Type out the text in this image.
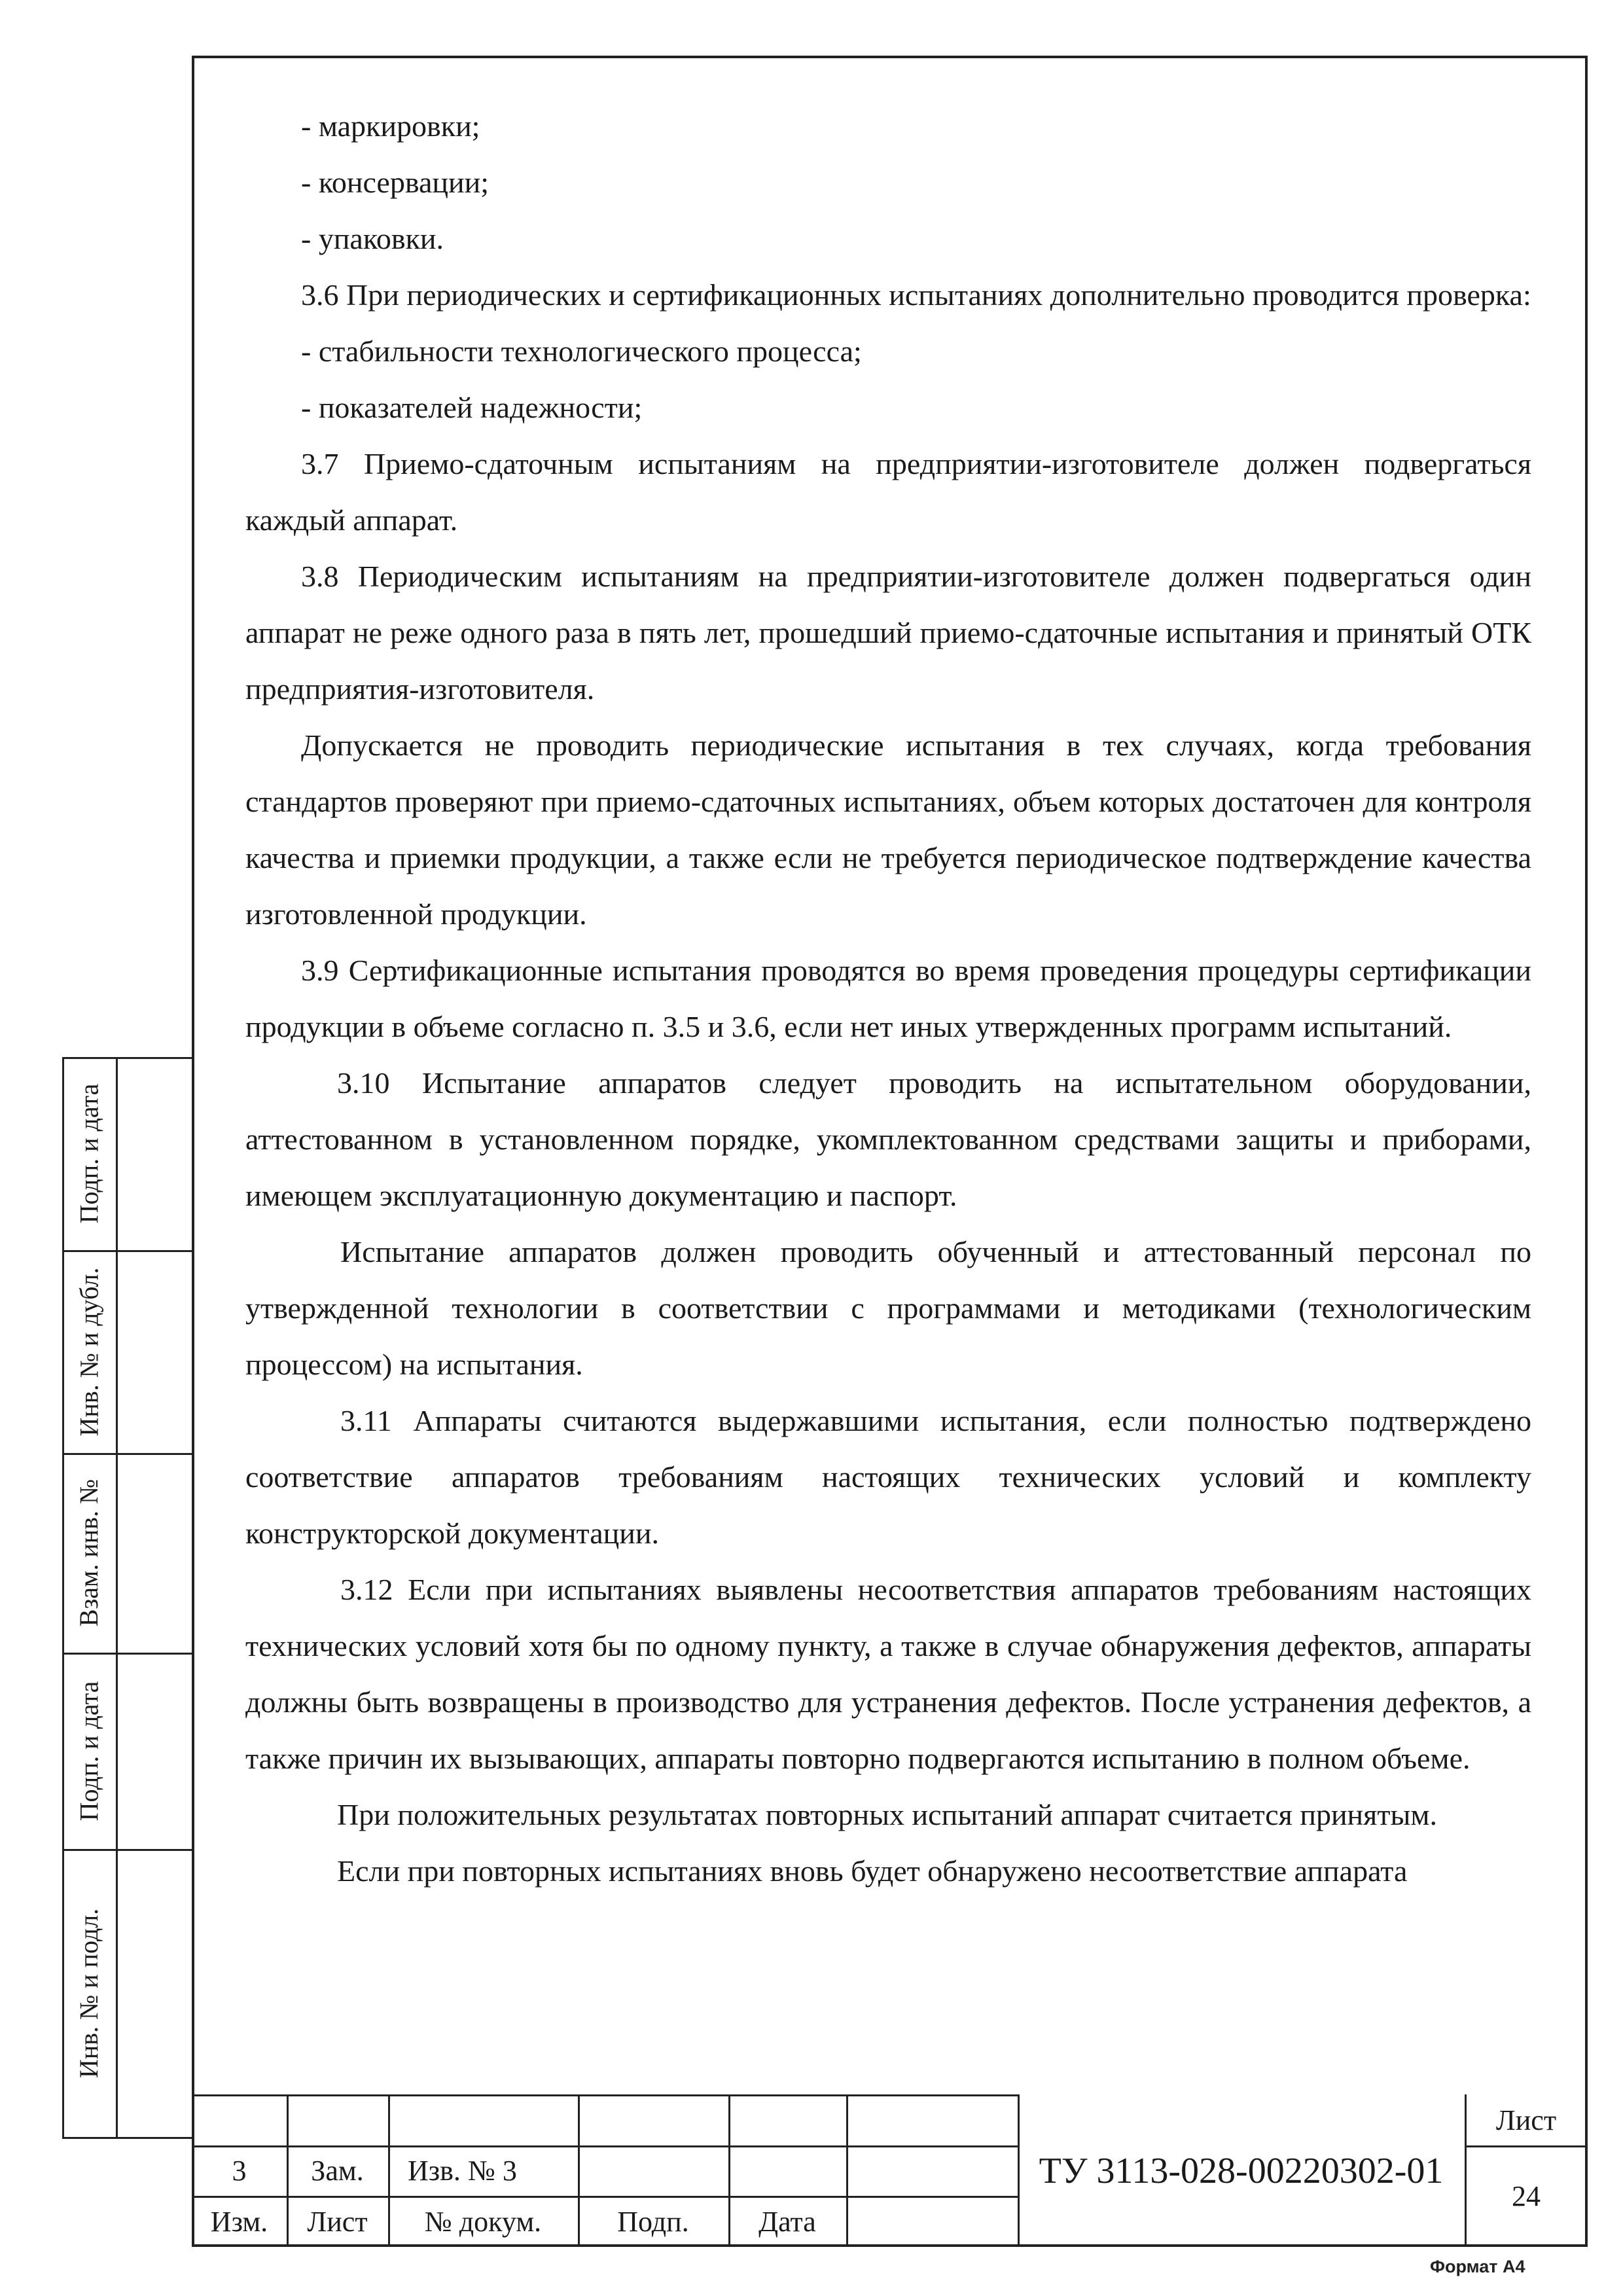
- маркировки;

- консервации;

- упаковки.

3.6 При периодических и сертификационных испытаниях дополнительно проводится проверка:

- стабильности технологического процесса;

- показателей надежности;

3.7 Приемо-сдаточным испытаниям на предприятии-изготовителе должен подвергаться каждый аппарат.

3.8 Периодическим испытаниям на предприятии-изготовителе должен подвергаться один аппарат не реже одного раза в пять лет, прошедший приемо-сдаточные испытания и принятый ОТК предприятия-изготовителя.

Допускается не проводить периодические испытания в тех случаях, когда требования стандартов проверяют при приемо-сдаточных испытаниях, объем которых достаточен для контроля качества и приемки продукции, а также если не требуется периодическое подтверждение качества изготовленной продукции.

3.9 Сертификационные испытания проводятся во время проведения процедуры сертификации продукции в объеме согласно п. 3.5 и 3.6, если нет иных утвержденных программ испытаний.

3.10 Испытание аппаратов следует проводить на испытательном оборудовании, аттестованном в установленном порядке, укомплектованном средствами защиты и приборами, имеющем эксплуатационную документацию и паспорт.

Испытание аппаратов должен проводить обученный и аттестованный персонал по утвержденной технологии в соответствии с программами и методиками (технологическим процессом) на испытания.

3.11 Аппараты считаются выдержавшими испытания, если полностью подтверждено соответствие аппаратов требованиям настоящих технических условий и комплекту конструкторской документации.

3.12 Если при испытаниях выявлены несоответствия аппаратов требованиям настоящих технических условий хотя бы по одному пункту, а также в случае обнаружения дефектов, аппараты должны быть возвращены в производство для устранения дефектов. После устранения дефектов, а также причин их вызывающих, аппараты повторно подвергаются испытанию в полном объеме.

При положительных результатах повторных испытаний аппарат считается принятым.

Если при повторных испытаниях вновь будет обнаружено несоответствие аппарата

Подп. и дата
Инв. № и дубл.
Взам. инв. №
Подп. и дата
Инв. № и подл.
3	Зам.	Изв. № 3
Изм.	Лист	№ докум.	Подп.	Дата
ТУ 3113-028-00220302-01
Лист
24
Формат А4
